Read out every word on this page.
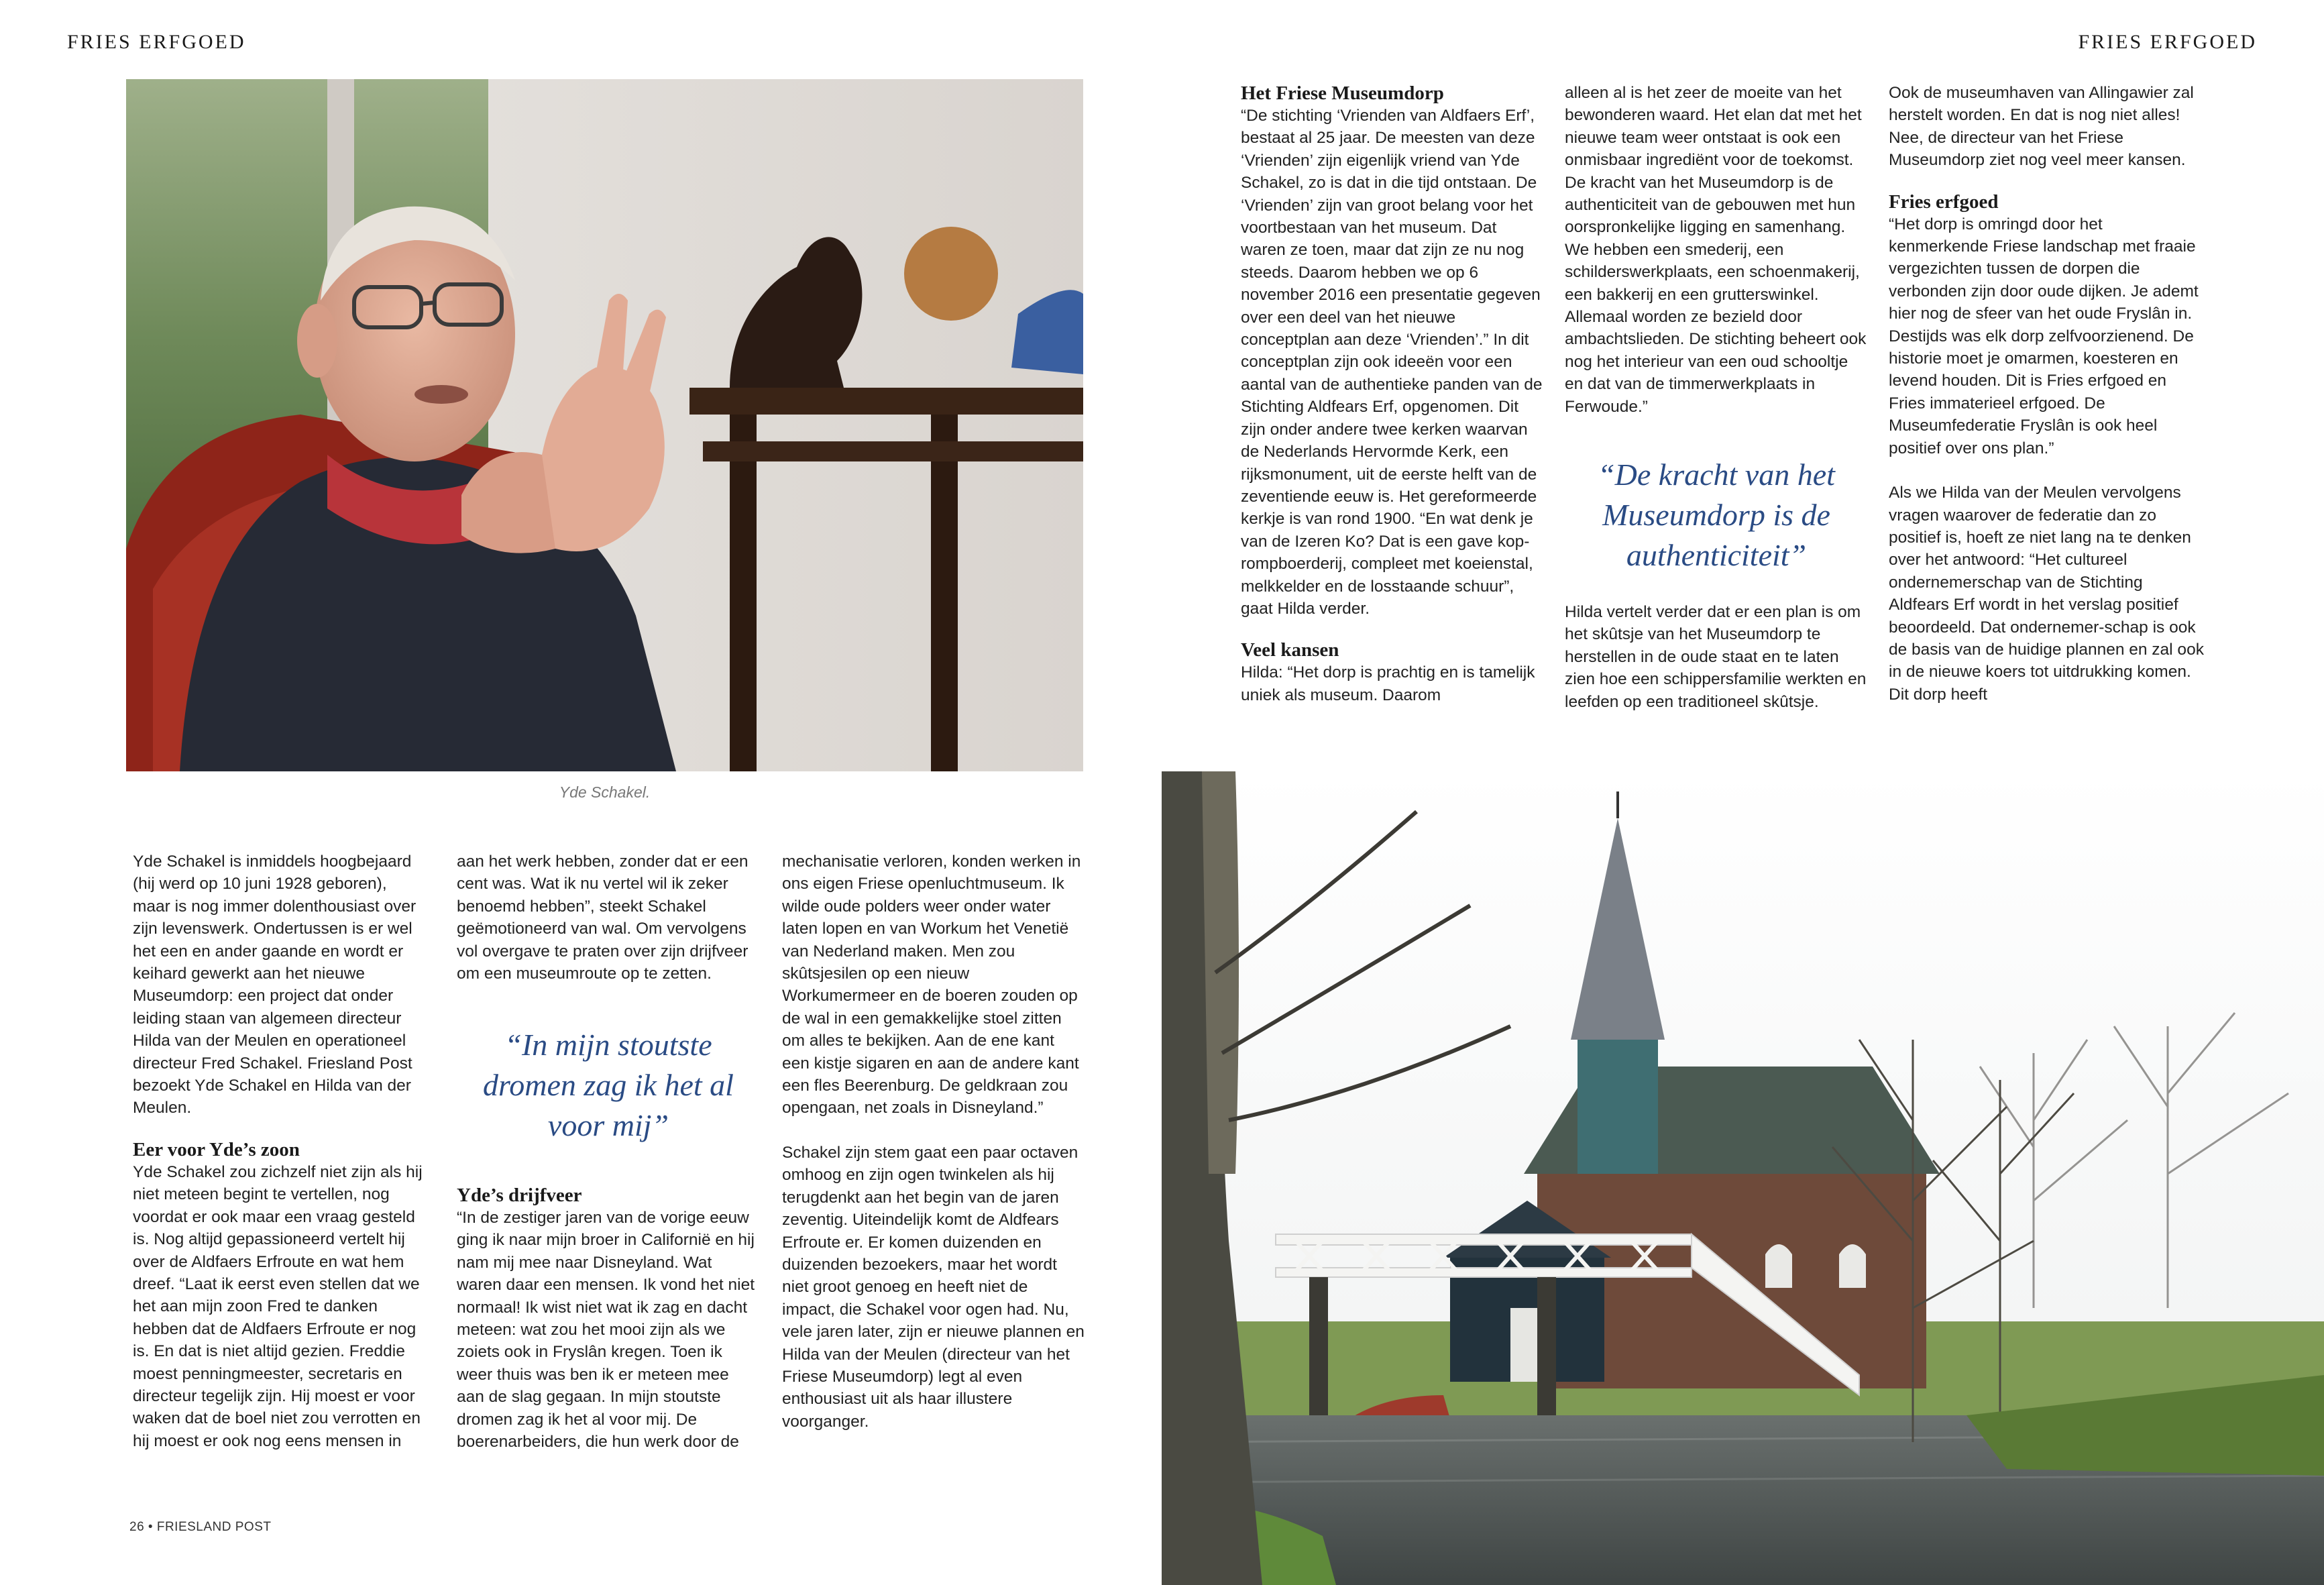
FRIES ERFGOED	FRIES ERFGOED
Yde Schakel.

Yde Schakel is inmiddels hoogbejaard (hij werd op 10 juni 1928 geboren), maar is nog immer dolenthousiast over zijn levenswerk. Ondertussen is er wel het een en ander gaande en wordt er keihard gewerkt aan het nieuwe Museumdorp: een project dat onder leiding staan van algemeen directeur Hilda van der Meulen en operationeel directeur Fred Schakel. Friesland Post bezoekt Yde Schakel en Hilda van der Meulen.

Eer voor Yde’s zoon

Yde Schakel zou zichzelf niet zijn als hij niet meteen begint te vertellen, nog voordat er ook maar een vraag gesteld is. Nog altijd gepassioneerd vertelt hij over de Aldfaers Erfroute en wat hem dreef. “Laat ik eerst even stellen dat we het aan mijn zoon Fred te danken hebben dat de Aldfaers Erfroute er nog is. En dat is niet altijd gezien. Freddie moest penningmeester, secretaris en directeur tegelijk zijn. Hij moest er voor waken dat de boel niet zou verrotten en hij moest er ook nog eens mensen in

aan het werk hebben, zonder dat er een cent was. Wat ik nu vertel wil ik zeker benoemd hebben”, steekt Schakel geëmotioneerd van wal. Om vervolgens vol overgave te praten over zijn drijfveer om een museumroute op te zetten.

“In mijn stoutste dromen zag ik het al voor mij”
Yde’s drijfveer

“In de zestiger jaren van de vorige eeuw ging ik naar mijn broer in Californië en hij nam mij mee naar Disneyland. Wat waren daar een mensen. Ik vond het niet normaal! Ik wist niet wat ik zag en dacht meteen: wat zou het mooi zijn als we zoiets ook in Fryslân kregen. Toen ik weer thuis was ben ik er meteen mee aan de slag gegaan. In mijn stoutste dromen zag ik het al voor mij. De boerenarbeiders, die hun werk door de

mechanisatie verloren, konden werken in ons eigen Friese openluchtmuseum. Ik wilde oude polders weer onder water laten lopen en van Workum het Venetië van Nederland maken. Men zou skûtsjesilen op een nieuw Workumermeer en de boeren zouden op de wal in een gemakkelijke stoel zitten om alles te bekijken. Aan de ene kant een kistje sigaren en aan de andere kant een fles Beerenburg. De geldkraan zou opengaan, net zoals in Disneyland.”

Schakel zijn stem gaat een paar octaven omhoog en zijn ogen twinkelen als hij terugdenkt aan het begin van de jaren zeventig. Uiteindelijk komt de Aldfears Erfroute er. Er komen duizenden en duizenden bezoekers, maar het wordt niet groot genoeg en heeft niet de impact, die Schakel voor ogen had. Nu, vele jaren later, zijn er nieuwe plannen en Hilda van der Meulen (directeur van het Friese Museumdorp) legt al even enthousiast uit als haar illustere voorganger.

Het Friese Museumdorp

“De stichting ‘Vrienden van Aldfaers Erf’, bestaat al 25 jaar. De meesten van deze ‘Vrienden’ zijn eigenlijk vriend van Yde Schakel, zo is dat in die tijd ontstaan. De ‘Vrienden’ zijn van groot belang voor het voortbestaan van het museum. Dat waren ze toen, maar dat zijn ze nu nog steeds. Daarom hebben we op 6 november 2016 een presentatie gegeven over een deel van het nieuwe conceptplan aan deze ‘Vrienden’.” In dit conceptplan zijn ook ideeën voor een aantal van de authentieke panden van de Stichting Aldfears Erf, opgenomen. Dit zijn onder andere twee kerken waarvan de Nederlands Hervormde Kerk, een rijksmonument, uit de eerste helft van de zeventiende eeuw is. Het gereformeerde kerkje is van rond 1900. “En wat denk je van de Izeren Ko? Dat is een gave kop-rompboerderij, compleet met koeienstal, melkkelder en de losstaande schuur”, gaat Hilda verder.

Veel kansen

Hilda: “Het dorp is prachtig en is tamelijk uniek als museum. Daarom

alleen al is het zeer de moeite van het bewonderen waard. Het elan dat met het nieuwe team weer ontstaat is ook een onmisbaar ingrediënt voor de toekomst. De kracht van het Museumdorp is de authenticiteit van de gebouwen met hun oorspronkelijke ligging en samenhang. We hebben een smederij, een schilderswerkplaats, een schoenmakerij, een bakkerij en een grutterswinkel. Allemaal worden ze bezield door ambachtslieden. De stichting beheert ook nog het interieur van een oud schooltje en dat van de timmerwerkplaats in Ferwoude.”

“De kracht van het Museumdorp is de authenticiteit”

Hilda vertelt verder dat er een plan is om het skûtsje van het Museumdorp te herstellen in de oude staat en te laten zien hoe een schippersfamilie werkten en leefden op een traditioneel skûtsje.

Ook de museumhaven van Allingawier zal herstelt worden. En dat is nog niet alles! Nee, de directeur van het Friese Museumdorp ziet nog veel meer kansen.

Fries erfgoed

“Het dorp is omringd door het kenmerkende Friese landschap met fraaie vergezichten tussen de dorpen die verbonden zijn door oude dijken. Je ademt hier nog de sfeer van het oude Fryslân in. Destijds was elk dorp zelfvoorzienend. De historie moet je omarmen, koesteren en levend houden. Dit is Fries erfgoed en Fries immaterieel erfgoed. De Museumfederatie Fryslân is ook heel positief over ons plan.”

Als we Hilda van der Meulen vervolgens vragen waarover de federatie dan zo positief is, hoeft ze niet lang na te denken over het antwoord: “Het cultureel ondernemerschap van de Stichting Aldfears Erf wordt in het verslag positief beoordeeld. Dat ondernemer-schap is ook de basis van de huidige plannen en zal ook in de nieuwe koers tot uitdrukking komen. Dit dorp heeft

26 • FRIESLAND POST
